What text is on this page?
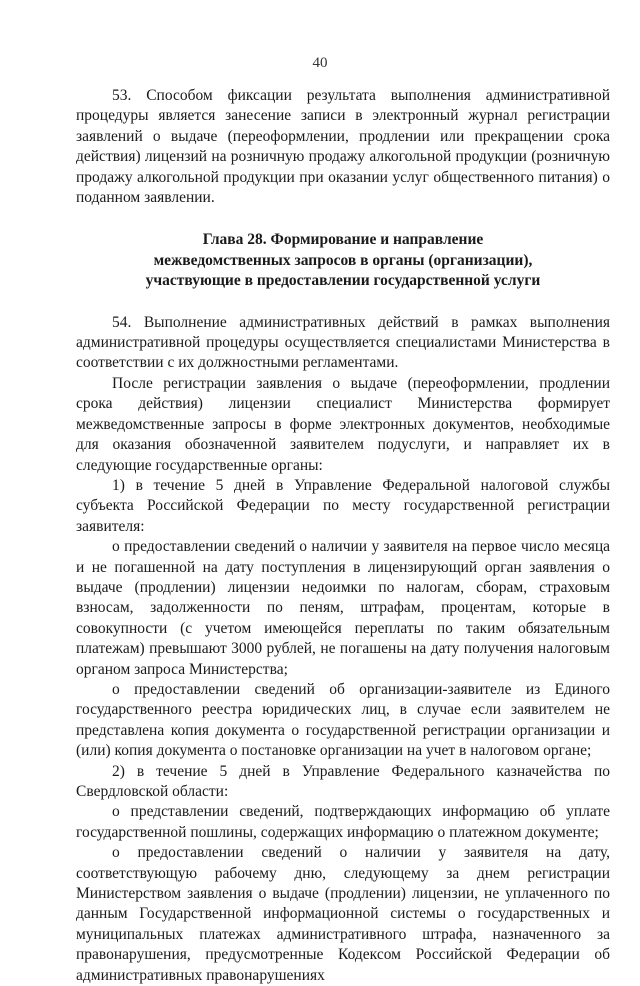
40

53. Способом фиксации результата выполнения административной процедуры является занесение записи в электронный журнал регистрации заявлений о выдаче (переоформлении, продлении или прекращении срока действия) лицензий на розничную продажу алкогольной продукции (розничную продажу алкогольной продукции при оказании услуг общественного питания) о поданном заявлении.

Глава 28. Формирование и направление
межведомственных запросов в органы (организации),
участвующие в предоставлении государственной услуги

54. Выполнение административных действий в рамках выполнения административной процедуры осуществляется специалистами Министерства в соответствии с их должностными регламентами.

После регистрации заявления о выдаче (переоформлении, продлении срока действия) лицензии специалист Министерства формирует межведомственные запросы в форме электронных документов, необходимые для оказания обозначенной заявителем подуслуги, и направляет их в следующие государственные органы:

1) в течение 5 дней в Управление Федеральной налоговой службы субъекта Российской Федерации по месту государственной регистрации заявителя:

о предоставлении сведений о наличии у заявителя на первое число месяца и не погашенной на дату поступления в лицензирующий орган заявления о выдаче (продлении) лицензии недоимки по налогам, сборам, страховым взносам, задолженности по пеням, штрафам, процентам, которые в совокупности (с учетом имеющейся переплаты по таким обязательным платежам) превышают 3000 рублей, не погашены на дату получения налоговым органом запроса Министерства;

о предоставлении сведений об организации-заявителе из Единого государственного реестра юридических лиц, в случае если заявителем не представлена копия документа о государственной регистрации организации и (или) копия документа о постановке организации на учет в налоговом органе;

2) в течение 5 дней в Управление Федерального казначейства по Свердловской области:

о представлении сведений, подтверждающих информацию об уплате государственной пошлины, содержащих информацию о платежном документе;

о предоставлении сведений о наличии у заявителя на дату, соответствующую рабочему дню, следующему за днем регистрации Министерством заявления о выдаче (продлении) лицензии, не уплаченного по данным Государственной информационной системы о государственных и муниципальных платежах административного штрафа, назначенного за правонарушения, предусмотренные Кодексом Российской Федерации об административных правонарушениях
